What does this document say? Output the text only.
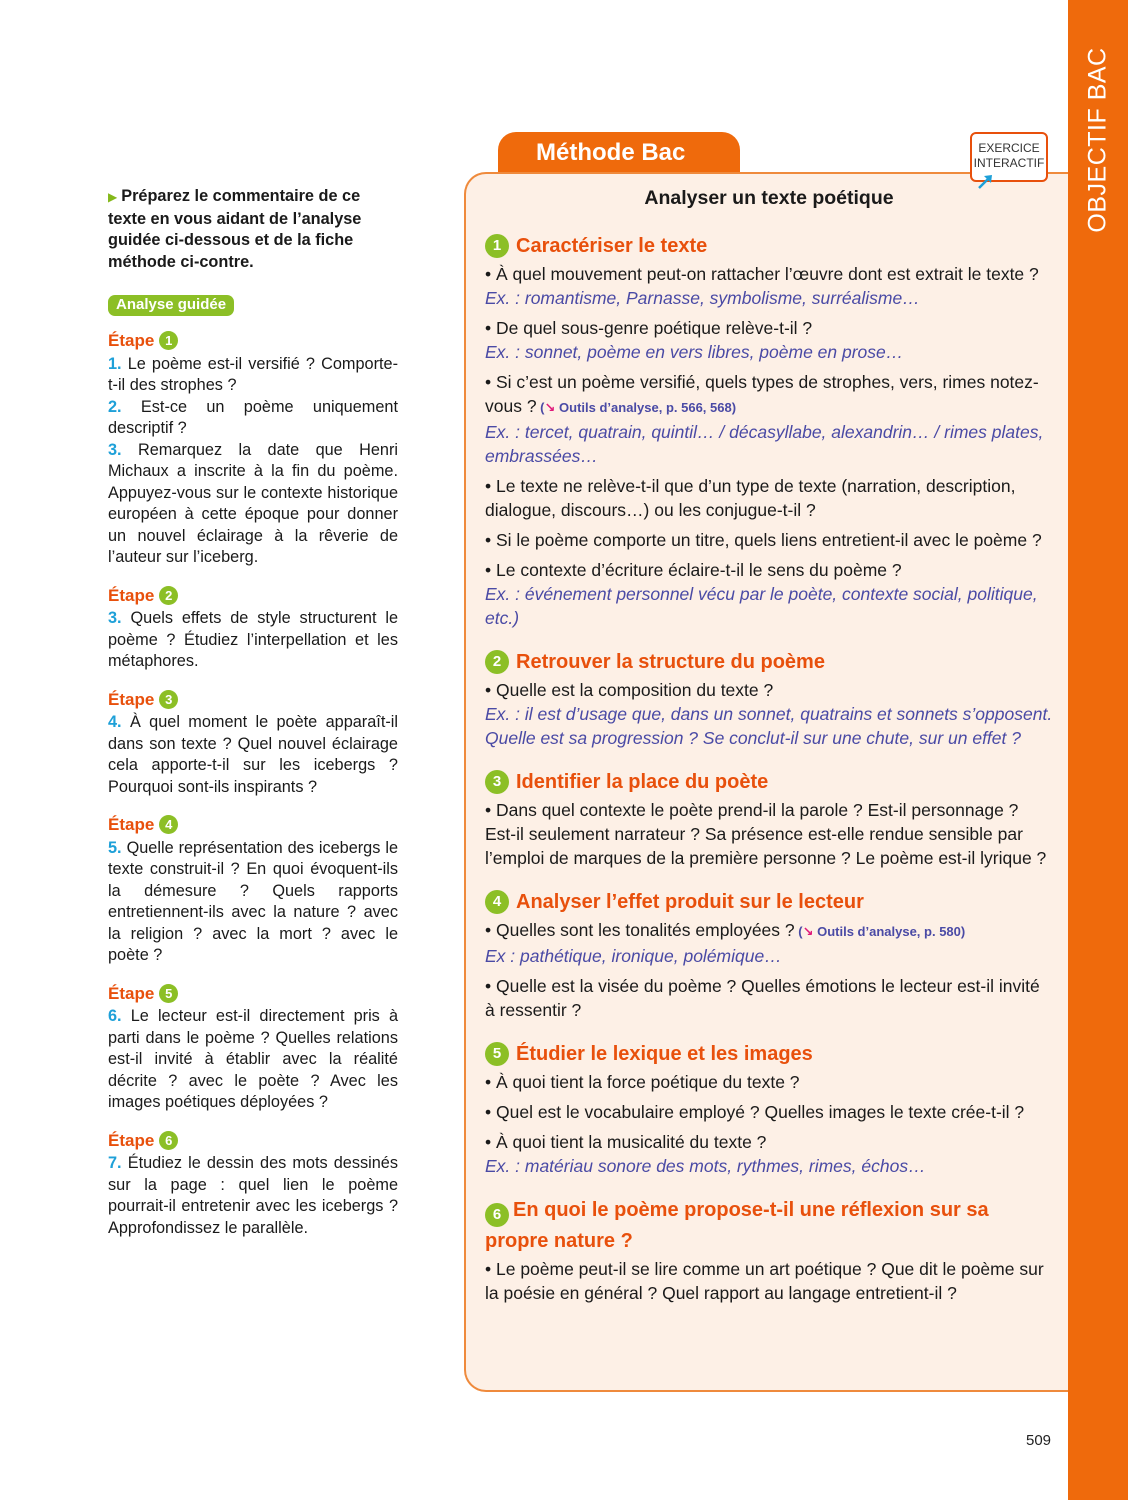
OBJECTIF BAC
▶ Préparez le commentaire de ce texte en vous aidant de l’analyse guidée ci-dessous et de la fiche méthode ci-contre.
Analyse guidée
Étape 1
1. Le poème est-il versifié ? Comporte-t-il des strophes ?
2. Est-ce un poème uniquement descriptif ?
3. Remarquez la date que Henri Michaux a inscrite à la fin du poème. Appuyez-vous sur le contexte historique européen à cette époque pour donner un nouvel éclairage à la rêverie de l’auteur sur l’iceberg.
Étape 2
3. Quels effets de style structurent le poème ? Étudiez l’interpellation et les métaphores.
Étape 3
4. À quel moment le poète apparaît-il dans son texte ? Quel nouvel éclairage cela apporte-t-il sur les icebergs ? Pourquoi sont-ils inspirants ?
Étape 4
5. Quelle représentation des icebergs le texte construit-il ? En quoi évoquent-ils la démesure ? Quels rapports entretiennent-ils avec la nature ? avec la religion ? avec la mort ? avec le poète ?
Étape 5
6. Le lecteur est-il directement pris à parti dans le poème ? Quelles relations est-il invité à établir avec la réalité décrite ? avec le poète ? Avec les images poétiques déployées ?
Étape 6
7. Étudiez le dessin des mots dessinés sur la page : quel lien le poème pourrait-il entretenir avec les icebergs ? Approfondissez le parallèle.
Méthode Bac	EXERCICE
INTERACTIF
Analyser un texte poétique
1 Caractériser le texte

• À quel mouvement peut-on rattacher l’œuvre dont est extrait le texte ?

Ex. : romantisme, Parnasse, symbolisme, surréalisme…

• De quel sous-genre poétique relève-t-il ?

Ex. : sonnet, poème en vers libres, poème en prose…

• Si c’est un poème versifié, quels types de strophes, vers, rimes notez-vous ? (↘ Outils d’analyse, p. 566, 568)

Ex. : tercet, quatrain, quintil… / décasyllabe, alexandrin… / rimes plates, embrassées…

• Le texte ne relève-t-il que d’un type de texte (narration, description, dialogue, discours…) ou les conjugue-t-il ?

• Si le poème comporte un titre, quels liens entretient-il avec le poème ?

• Le contexte d’écriture éclaire-t-il le sens du poème ?

Ex. : événement personnel vécu par le poète, contexte social, politique, etc.)

2 Retrouver la structure du poème

• Quelle est la composition du texte ?

Ex. : il est d’usage que, dans un sonnet, quatrains et sonnets s’opposent. Quelle est sa progression ? Se conclut-il sur une chute, sur un effet ?

3 Identifier la place du poète

• Dans quel contexte le poète prend-il la parole ? Est-il personnage ? Est-il seulement narrateur ? Sa présence est-elle rendue sensible par l’emploi de marques de la première personne ? Le poème est-il lyrique ?

4 Analyser l’effet produit sur le lecteur

• Quelles sont les tonalités employées ? (↘ Outils d’analyse, p. 580)

Ex : pathétique, ironique, polémique…

• Quelle est la visée du poème ? Quelles émotions le lecteur est-il invité à ressentir ?

5 Étudier le lexique et les images

• À quoi tient la force poétique du texte ?

• Quel est le vocabulaire employé ? Quelles images le texte crée-t-il ?

• À quoi tient la musicalité du texte ?

Ex. : matériau sonore des mots, rythmes, rimes, échos…

6 En quoi le poème propose-t-il une réflexion sur sa propre nature ?

• Le poème peut-il se lire comme un art poétique ? Que dit le poème sur la poésie en général ? Quel rapport au langage entretient-il ?

509
